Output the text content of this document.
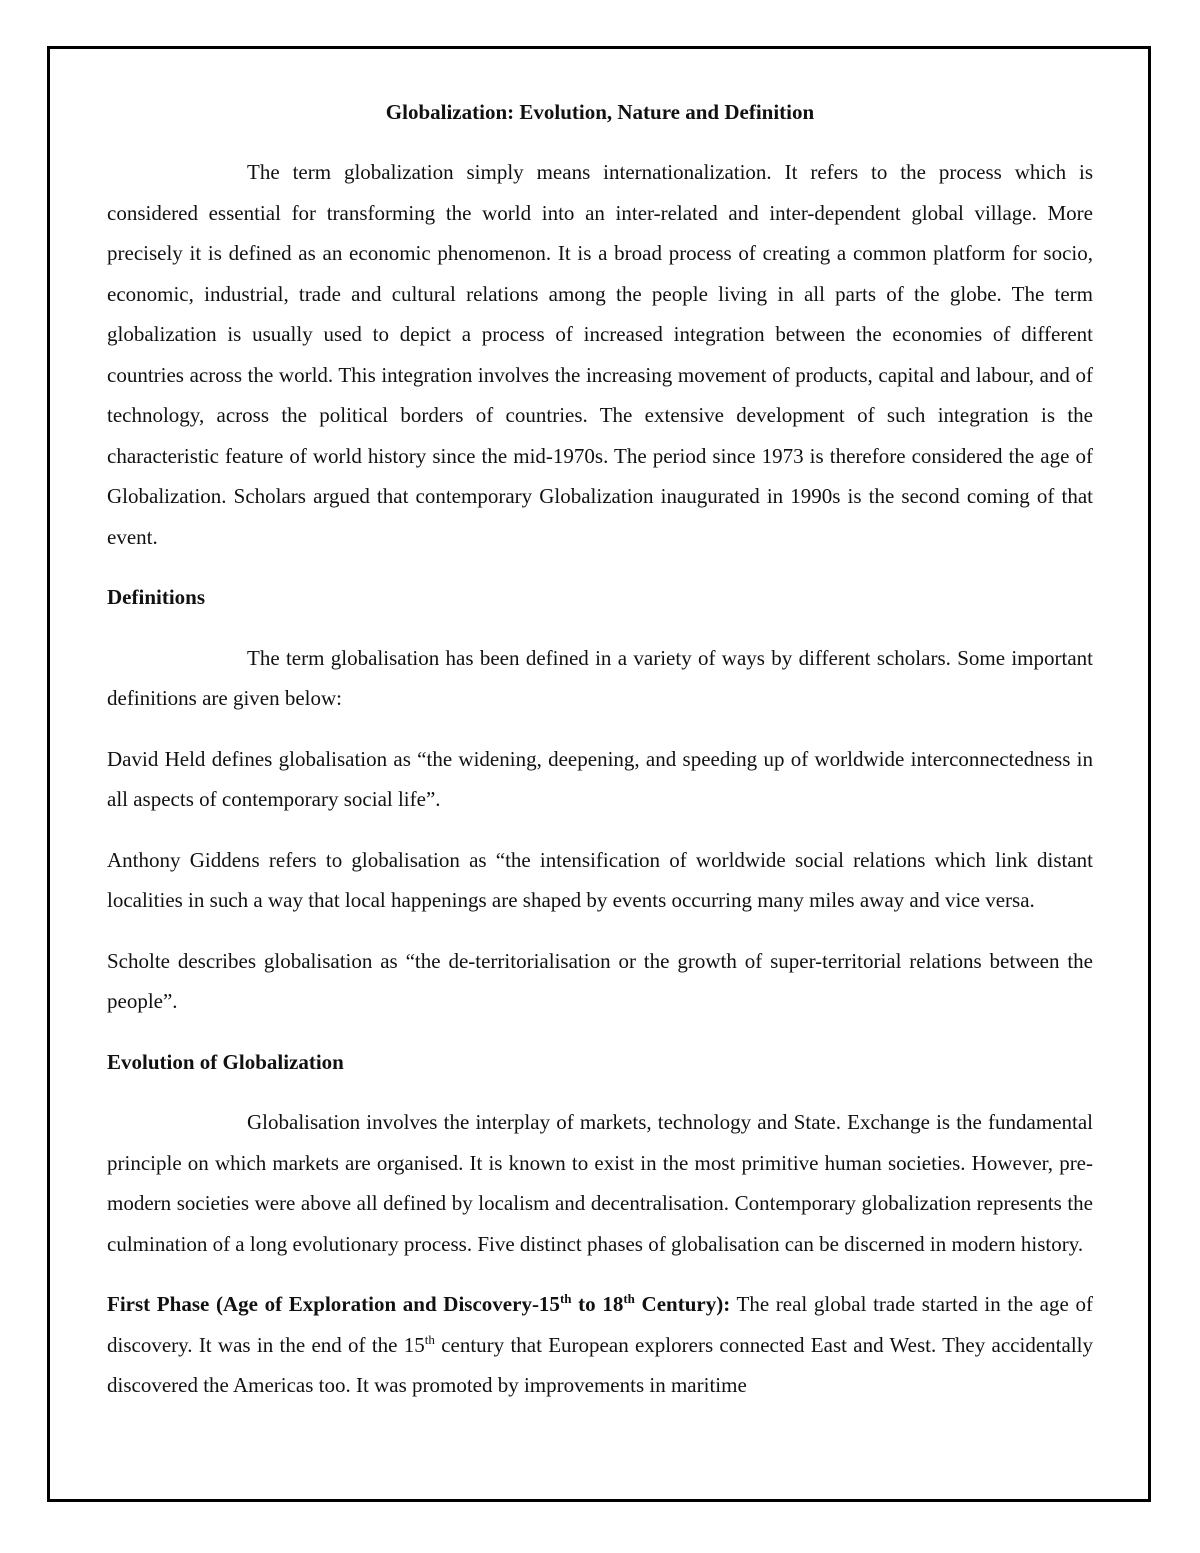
Globalization: Evolution, Nature and Definition

The term globalization simply means internationalization. It refers to the process which is considered essential for transforming the world into an inter-related and inter-dependent global village. More precisely it is defined as an economic phenomenon. It is a broad process of creating a common platform for socio, economic, industrial, trade and cultural relations among the people living in all parts of the globe. The term globalization is usually used to depict a process of increased integration between the economies of different countries across the world. This integration involves the increasing movement of products, capital and labour, and of technology, across the political borders of countries. The extensive development of such integration is the characteristic feature of world history since the mid-1970s. The period since 1973 is therefore considered the age of Globalization. Scholars argued that contemporary Globalization inaugurated in 1990s is the second coming of that event.

Definitions

The term globalisation has been defined in a variety of ways by different scholars. Some important definitions are given below:

David Held defines globalisation as “the widening, deepening, and speeding up of worldwide interconnectedness in all aspects of contemporary social life”.

Anthony Giddens refers to globalisation as “the intensification of worldwide social relations which link distant localities in such a way that local happenings are shaped by events occurring many miles away and vice versa.

Scholte describes globalisation as “the de-territorialisation or the growth of super-territorial relations between the people”.

Evolution of Globalization

Globalisation involves the interplay of markets, technology and State. Exchange is the fundamental principle on which markets are organised. It is known to exist in the most primitive human societies. However, pre-modern societies were above all defined by localism and decentralisation. Contemporary globalization represents the culmination of a long evolutionary process. Five distinct phases of globalisation can be discerned in modern history.

First Phase (Age of Exploration and Discovery-15th to 18th Century): The real global trade started in the age of discovery. It was in the end of the 15th century that European explorers connected East and West. They accidentally discovered the Americas too. It was promoted by improvements in maritime
